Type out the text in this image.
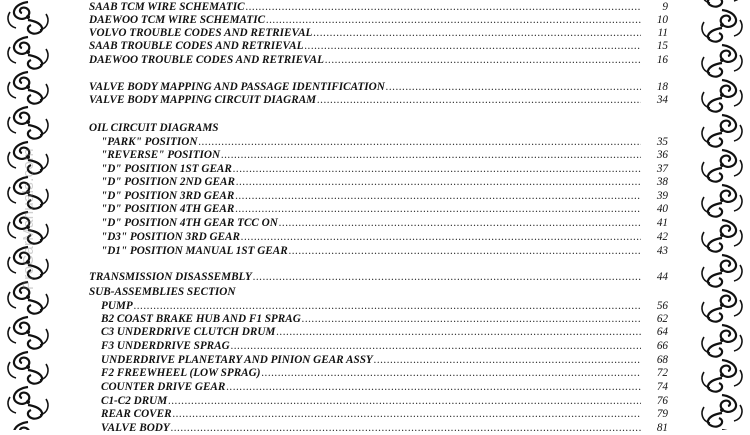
ProCarManuals.com
SAAB TCM WIRE SCHEMATIC .....	9
DAEWOO TCM WIRE SCHEMATIC .....	10
VOLVO TROUBLE CODES AND RETRIEVAL .....	11
SAAB TROUBLE CODES AND RETRIEVAL .....	15
DAEWOO TROUBLE CODES AND RETRIEVAL .....	16
VALVE BODY MAPPING AND PASSAGE IDENTIFICATION .....	18
VALVE BODY MAPPING CIRCUIT DIAGRAM .....	34
OIL CIRCUIT DIAGRAMS
"PARK" POSITION .....	35
"REVERSE" POSITION .....	36
"D" POSITION 1ST GEAR .....	37
"D" POSITION 2ND GEAR .....	38
"D" POSITION 3RD GEAR .....	39
"D" POSITION 4TH GEAR .....	40
"D" POSITION 4TH GEAR TCC ON .....	41
"D3" POSITION 3RD GEAR .....	42
"D1" POSITION MANUAL 1ST GEAR .....	43
TRANSMISSION DISASSEMBLY .....	44
SUB-ASSEMBLIES SECTION
PUMP .....	56
B2 COAST BRAKE HUB AND F1 SPRAG .....	62
C3 UNDERDRIVE CLUTCH DRUM .....	64
F3 UNDERDRIVE SPRAG .....	66
UNDERDRIVE PLANETARY AND PINION GEAR ASSY .....	68
F2 FREEWHEEL (LOW SPRAG) .....	72
COUNTER DRIVE GEAR .....	74
C1-C2 DRUM .....	76
REAR COVER .....	79
VALVE BODY .....	81
